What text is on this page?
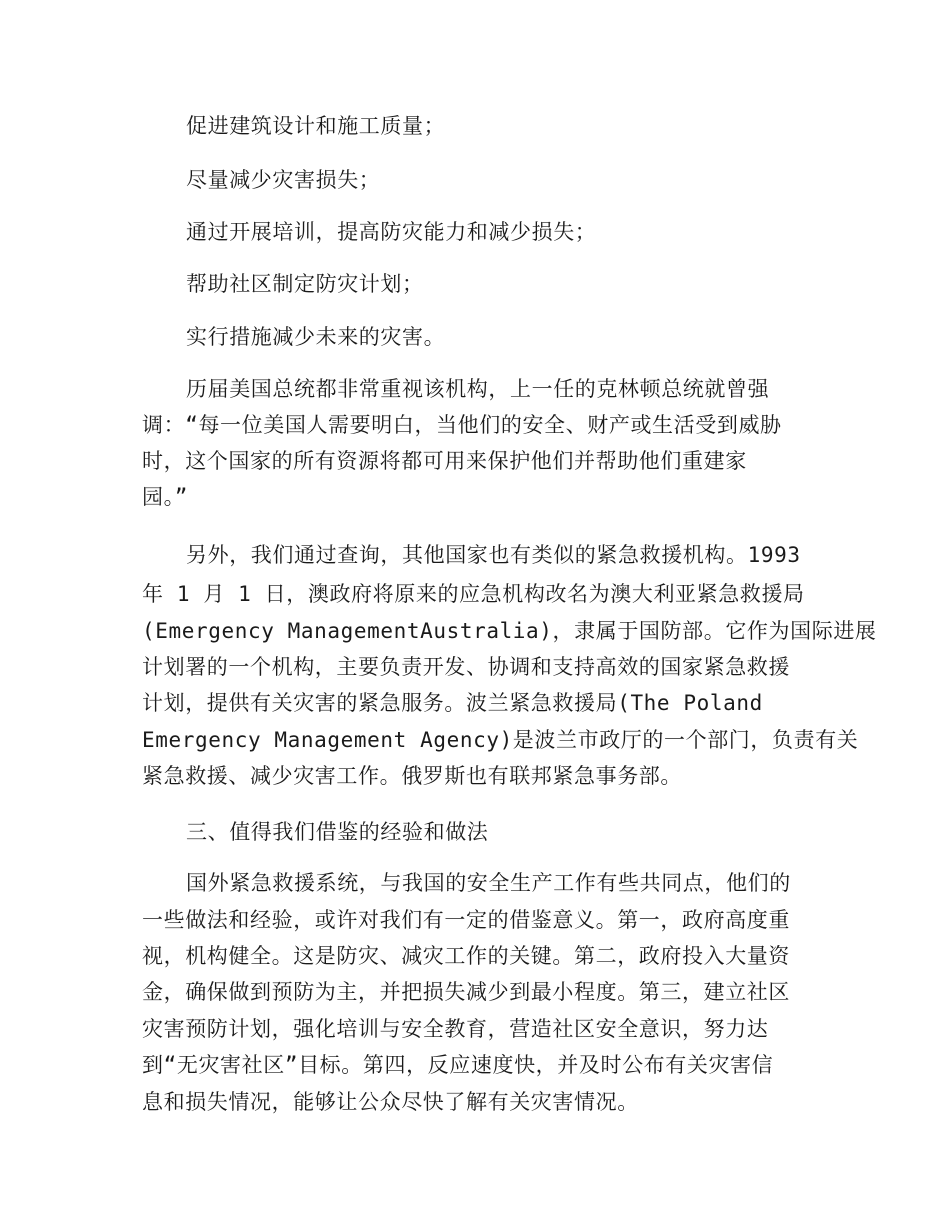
促进建筑设计和施工质量；
尽量减少灾害损失；
通过开展培训，提高防灾能力和减少损失；
帮助社区制定防灾计划；
实行措施减少未来的灾害。
历届美国总统都非常重视该机构，上一任的克林顿总统就曾强
调：“每一位美国人需要明白，当他们的安全、财产或生活受到威胁
时，这个国家的所有资源将都可用来保护他们并帮助他们重建家
园。”
另外，我们通过查询，其他国家也有类似的紧急救援机构。1993
年 1 月 1 日，澳政府将原来的应急机构改名为澳大利亚紧急救援局
(Emergency ManagementAustralia)，隶属于国防部。它作为国际进展
计划署的一个机构，主要负责开发、协调和支持高效的国家紧急救援
计划，提供有关灾害的紧急服务。波兰紧急救援局(The Poland
Emergency Management Agency)是波兰市政厅的一个部门，负责有关
紧急救援、减少灾害工作。俄罗斯也有联邦紧急事务部。
三、值得我们借鉴的经验和做法
国外紧急救援系统，与我国的安全生产工作有些共同点，他们的
一些做法和经验，或许对我们有一定的借鉴意义。第一，政府高度重
视，机构健全。这是防灾、减灾工作的关键。第二，政府投入大量资
金，确保做到预防为主，并把损失减少到最小程度。第三，建立社区
灾害预防计划，强化培训与安全教育，营造社区安全意识，努力达
到“无灾害社区”目标。第四，反应速度快，并及时公布有关灾害信
息和损失情况，能够让公众尽快了解有关灾害情况。
